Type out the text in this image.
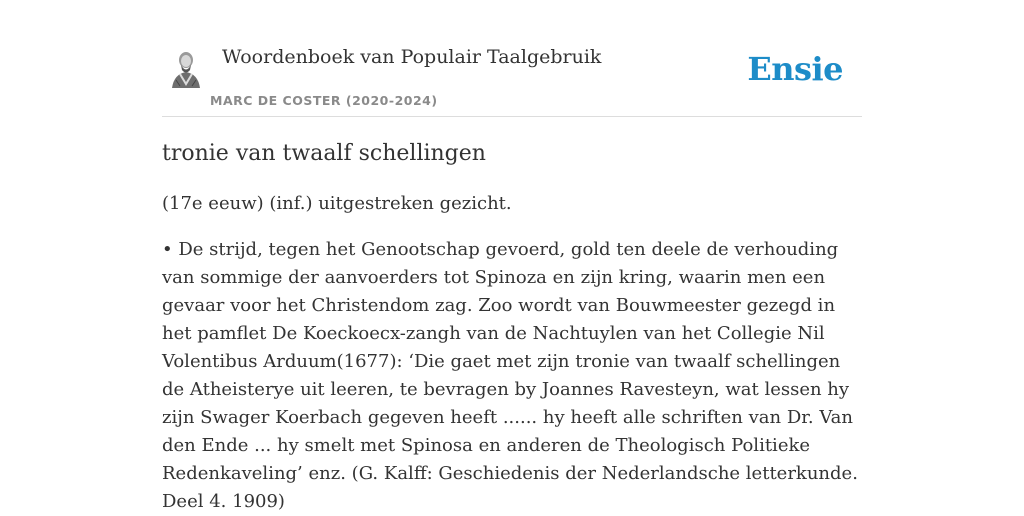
Woordenboek van Populair Taalgebruik
MARC DE COSTER (2020-2024)
Ensie
tronie van twaalf schellingen

(17e eeuw) (inf.) uitgestreken gezicht.

• De strijd, tegen het Genootschap gevoerd, gold ten deele de verhouding van sommige der aanvoerders tot Spinoza en zijn kring, waarin men een gevaar voor het Christendom zag. Zoo wordt van Bouwmeester gezegd in het pamflet De Koeckoecx-zangh van de Nachtuylen van het Collegie Nil Volentibus Arduum(1677): ‘Die gaet met zijn tronie van twaalf schellingen de Atheisterye uit leeren, te bevragen by Joannes Ravesteyn, wat lessen hy zijn Swager Koerbach gegeven heeft ...... hy heeft alle schriften van Dr. Van den Ende ... hy smelt met Spinosa en anderen de Theologisch Politieke Redenkaveling’ enz. (G. Kalff: Geschiedenis der Nederlandsche letterkunde. Deel 4. 1909)
